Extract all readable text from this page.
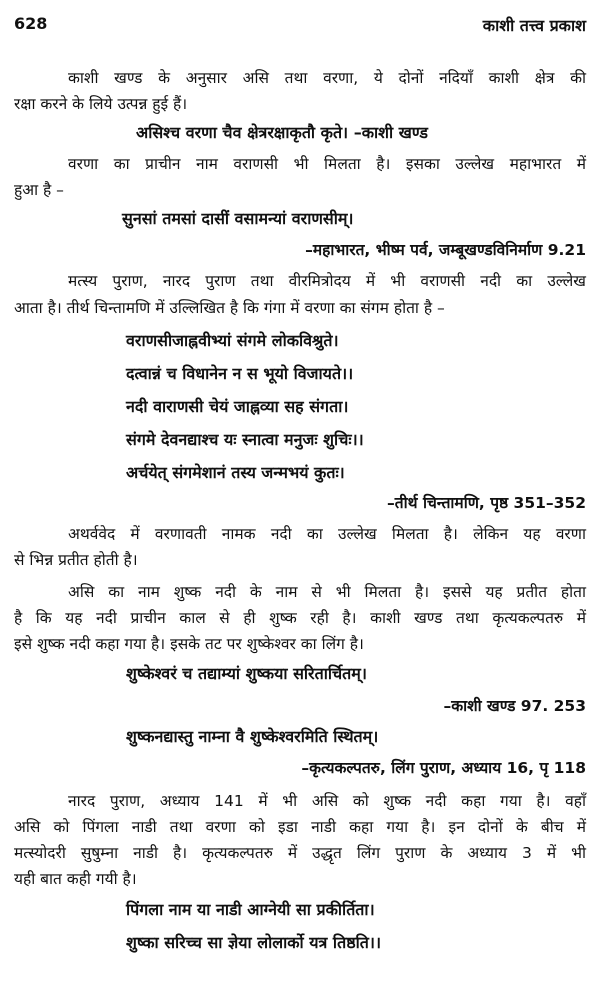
628	काशी तत्त्व प्रकाश
काशी खण्ड के अनुसार असि तथा वरणा, ये दोनों नदियाँ काशी क्षेत्र की
रक्षा करने के लिये उत्पन्न हुई हैं।
असिश्च वरणा चैव क्षेत्ररक्षाकृतौ कृते। –काशी खण्ड
वरणा का प्राचीन नाम वराणसी भी मिलता है। इसका उल्लेख महाभारत में
हुआ है –
सुनसां तमसां दासीं वसामन्यां वराणसीम्।
–महाभारत, भीष्म पर्व, जम्बूखण्डविनिर्माण 9.21
मत्स्य पुराण, नारद पुराण तथा वीरमित्रोदय में भी वराणसी नदी का उल्लेख
आता है। तीर्थ चिन्तामणि में उल्लिखित है कि गंगा में वरणा का संगम होता है –
वराणसीजाह्नवीभ्यां संगमे लोकविश्रुते।
दत्वान्नं च विधानेन न स भूयो विजायते।।
नदी वाराणसी चेयं जाह्नव्या सह संगता।
संगमे देवनद्याश्च यः स्नात्वा मनुजः शुचिः।।
अर्चयेत् संगमेशानं तस्य जन्मभयं कुतः।
–तीर्थ चिन्तामणि, पृष्ठ 351–352
अथर्ववेद में वरणावती नामक नदी का उल्लेख मिलता है। लेकिन यह वरणा
से भिन्न प्रतीत होती है।
असि का नाम शुष्क नदी के नाम से भी मिलता है। इससे यह प्रतीत होता
है कि यह नदी प्राचीन काल से ही शुष्क रही है। काशी खण्ड तथा कृत्यकल्पतरु में
इसे शुष्क नदी कहा गया है। इसके तट पर शुष्केश्वर का लिंग है।
शुष्केश्वरं च तद्याम्यां शुष्कया सरितार्चितम्।
–काशी खण्ड 97. 253
शुष्कनद्यास्तु नाम्ना वै शुष्केश्वरमिति स्थितम्।
–कृत्यकल्पतरु, लिंग पुराण, अध्याय 16, पृ 118
नारद पुराण, अध्याय 141 में भी असि को शुष्क नदी कहा गया है। वहाँ
असि को पिंगला नाडी तथा वरणा को इडा नाडी कहा गया है। इन दोनों के बीच में
मत्स्योदरी सुषुम्ना नाडी है। कृत्यकल्पतरु में उद्धृत लिंग पुराण के अध्याय 3 में भी
यही बात कही गयी है।
पिंगला नाम या नाडी आग्नेयी सा प्रकीर्तिता।
शुष्का सरिच्च सा ज्ञेया लोलार्को यत्र तिष्ठति।।
